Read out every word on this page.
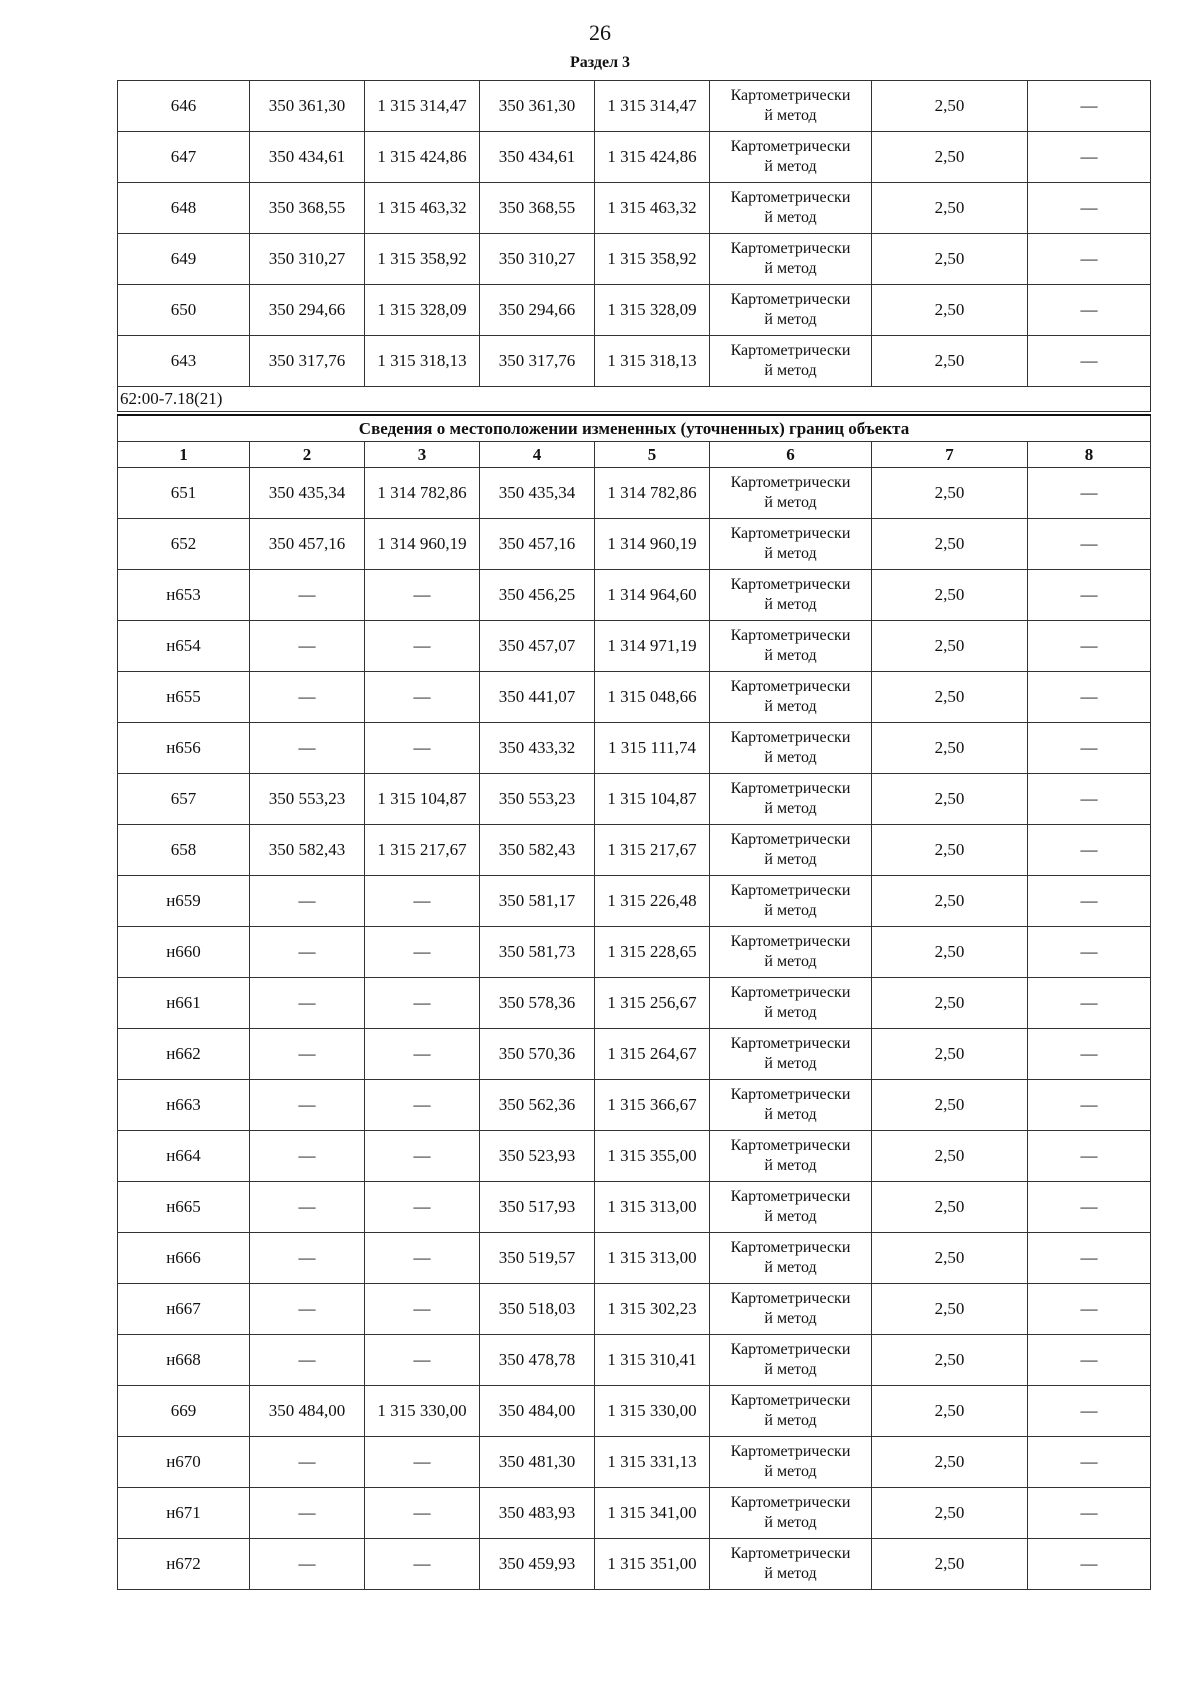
26
Раздел 3
646	350 361,30	1 315 314,47	350 361,30	1 315 314,47	Картометрически
й метод	2,50	—
647	350 434,61	1 315 424,86	350 434,61	1 315 424,86	Картометрически
й метод	2,50	—
648	350 368,55	1 315 463,32	350 368,55	1 315 463,32	Картометрически
й метод	2,50	—
649	350 310,27	1 315 358,92	350 310,27	1 315 358,92	Картометрически
й метод	2,50	—
650	350 294,66	1 315 328,09	350 294,66	1 315 328,09	Картометрически
й метод	2,50	—
643	350 317,76	1 315 318,13	350 317,76	1 315 318,13	Картометрически
й метод	2,50	—
62:00-7.18(21)							
Сведения о местоположении измененных (уточненных) границ объекта							
1	2	3	4	5	6	7	8
651	350 435,34	1 314 782,86	350 435,34	1 314 782,86	Картометрически
й метод	2,50	—
652	350 457,16	1 314 960,19	350 457,16	1 314 960,19	Картометрически
й метод	2,50	—
н653	—	—	350 456,25	1 314 964,60	Картометрически
й метод	2,50	—
н654	—	—	350 457,07	1 314 971,19	Картометрически
й метод	2,50	—
н655	—	—	350 441,07	1 315 048,66	Картометрически
й метод	2,50	—
н656	—	—	350 433,32	1 315 111,74	Картометрически
й метод	2,50	—
657	350 553,23	1 315 104,87	350 553,23	1 315 104,87	Картометрически
й метод	2,50	—
658	350 582,43	1 315 217,67	350 582,43	1 315 217,67	Картометрически
й метод	2,50	—
н659	—	—	350 581,17	1 315 226,48	Картометрически
й метод	2,50	—
н660	—	—	350 581,73	1 315 228,65	Картометрически
й метод	2,50	—
н661	—	—	350 578,36	1 315 256,67	Картометрически
й метод	2,50	—
н662	—	—	350 570,36	1 315 264,67	Картометрически
й метод	2,50	—
н663	—	—	350 562,36	1 315 366,67	Картометрически
й метод	2,50	—
н664	—	—	350 523,93	1 315 355,00	Картометрически
й метод	2,50	—
н665	—	—	350 517,93	1 315 313,00	Картометрически
й метод	2,50	—
н666	—	—	350 519,57	1 315 313,00	Картометрически
й метод	2,50	—
н667	—	—	350 518,03	1 315 302,23	Картометрически
й метод	2,50	—
н668	—	—	350 478,78	1 315 310,41	Картометрически
й метод	2,50	—
669	350 484,00	1 315 330,00	350 484,00	1 315 330,00	Картометрически
й метод	2,50	—
н670	—	—	350 481,30	1 315 331,13	Картометрически
й метод	2,50	—
н671	—	—	350 483,93	1 315 341,00	Картометрически
й метод	2,50	—
н672	—	—	350 459,93	1 315 351,00	Картометрически
й метод	2,50	—
